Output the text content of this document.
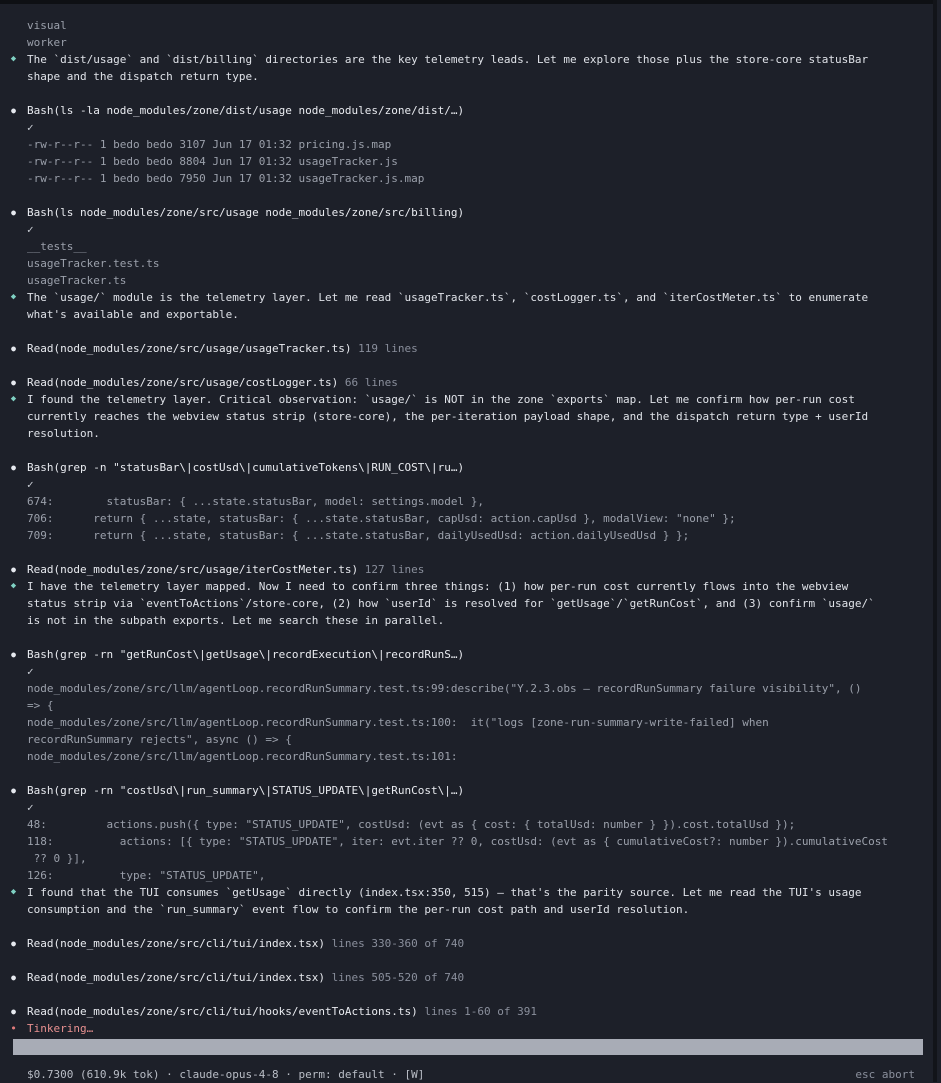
visual
worker
◆ The `dist/usage` and `dist/billing` directories are the key telemetry leads. Let me explore those plus the store-core statusBar
shape and the dispatch return type.
●	Bash(ls -la node_modules/zone/dist/usage node_modules/zone/dist/…)
✓
-rw-r--r-- 1 bedo bedo 3107 Jun 17 01:32 pricing.js.map
-rw-r--r-- 1 bedo bedo 8804 Jun 17 01:32 usageTracker.js
-rw-r--r-- 1 bedo bedo 7950 Jun 17 01:32 usageTracker.js.map
●	Bash(ls node_modules/zone/src/usage node_modules/zone/src/billing)
✓
__tests__
usageTracker.test.ts
usageTracker.ts
◆ The `usage/` module is the telemetry layer. Let me read `usageTracker.ts`, `costLogger.ts`, and `iterCostMeter.ts` to enumerate
what's available and exportable.
●	Read(node_modules/zone/src/usage/usageTracker.ts) 119 lines
●	Read(node_modules/zone/src/usage/costLogger.ts) 66 lines
◆ I found the telemetry layer. Critical observation: `usage/` is NOT in the zone `exports` map. Let me confirm how per-run cost
currently reaches the webview status strip (store-core), the per-iteration payload shape, and the dispatch return type + userId
resolution.
●	Bash(grep -n "statusBar\|costUsd\|cumulativeTokens\|RUN_COST\|ru…)
✓
674:        statusBar: { ...state.statusBar, model: settings.model },
706:      return { ...state, statusBar: { ...state.statusBar, capUsd: action.capUsd }, modalView: "none" };
709:      return { ...state, statusBar: { ...state.statusBar, dailyUsedUsd: action.dailyUsedUsd } };
●	Read(node_modules/zone/src/usage/iterCostMeter.ts) 127 lines
◆ I have the telemetry layer mapped. Now I need to confirm three things: (1) how per-run cost currently flows into the webview
status strip via `eventToActions`/store-core, (2) how `userId` is resolved for `getUsage`/`getRunCost`, and (3) confirm `usage/`
is not in the subpath exports. Let me search these in parallel.
●	Bash(grep -rn "getRunCost\|getUsage\|recordExecution\|recordRunS…)
✓
node_modules/zone/src/llm/agentLoop.recordRunSummary.test.ts:99:describe("Y.2.3.obs — recordRunSummary failure visibility", ()
=> {
node_modules/zone/src/llm/agentLoop.recordRunSummary.test.ts:100:  it("logs [zone-run-summary-write-failed] when
recordRunSummary rejects", async () => {
node_modules/zone/src/llm/agentLoop.recordRunSummary.test.ts:101:
●	Bash(grep -rn "costUsd\|run_summary\|STATUS_UPDATE\|getRunCost\|…)
✓
48:         actions.push({ type: "STATUS_UPDATE", costUsd: (evt as { cost: { totalUsd: number } }).cost.totalUsd });
118:          actions: [{ type: "STATUS_UPDATE", iter: evt.iter ?? 0, costUsd: (evt as { cumulativeCost?: number }).cumulativeCost
?? 0 }],
126:          type: "STATUS_UPDATE",
◆ I found that the TUI consumes `getUsage` directly (index.tsx:350, 515) — that's the parity source. Let me read the TUI's usage
consumption and the `run_summary` event flow to confirm the per-run cost path and userId resolution.
●	Read(node_modules/zone/src/cli/tui/index.tsx) lines 330-360 of 740
●	Read(node_modules/zone/src/cli/tui/index.tsx) lines 505-520 of 740
●	Read(node_modules/zone/src/cli/tui/hooks/eventToActions.ts) lines 1-60 of 391
• Tinkering…
$0.7300 (610.9k tok) · claude-opus-4-8 · perm: default · [W]	esc abort
